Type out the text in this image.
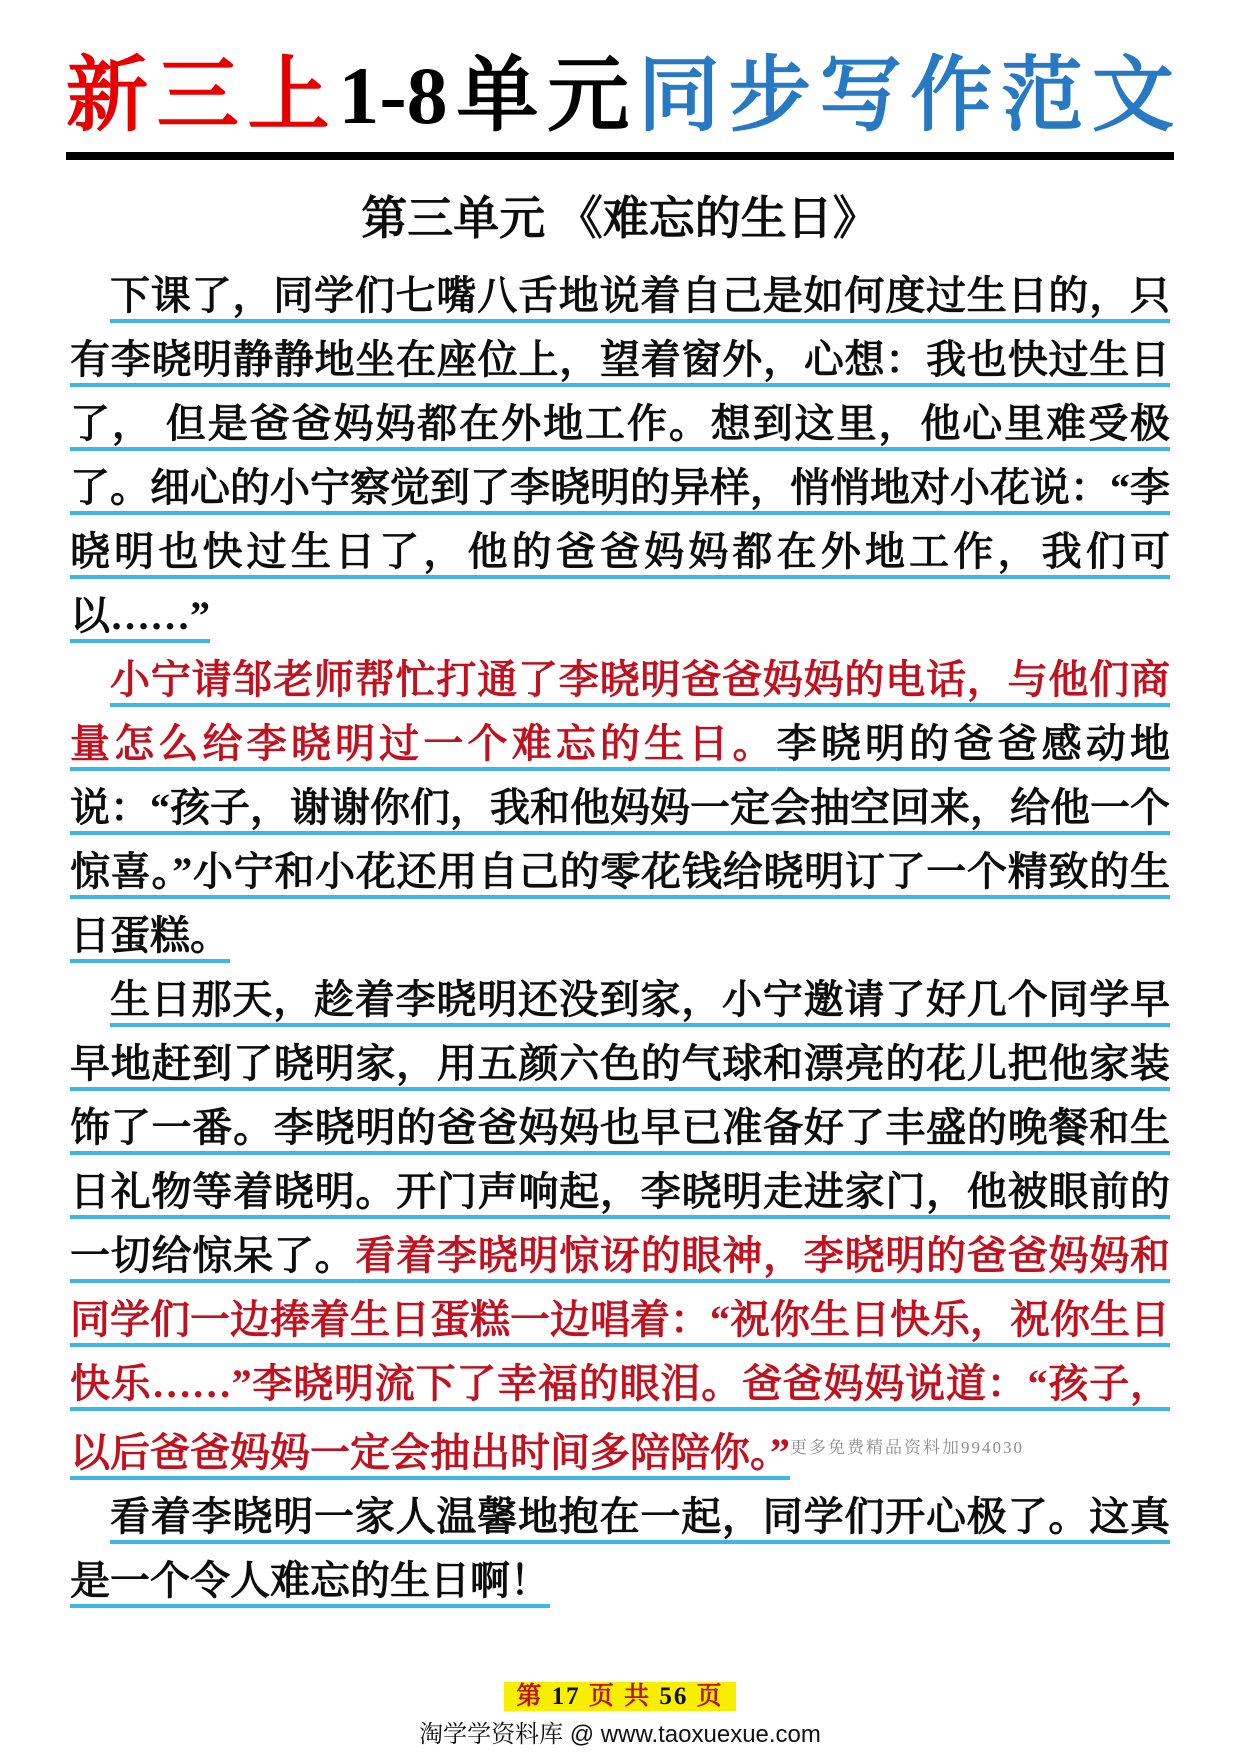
新三上1-8单元同步写作范文
第三单元 《难忘的生日》

下课了，同学们七嘴八舌地说着自己是如何度过生日的，只有李晓明静静地坐在座位上，望着窗外，心想：我也快过生日了， 但是爸爸妈妈都在外地工作。想到这里，他心里难受极了。细心的小宁察觉到了李晓明的异样，悄悄地对小花说：“李晓明也快过生日了，他的爸爸妈妈都在外地工作，我们可以……”

小宁请邹老师帮忙打通了李晓明爸爸妈妈的电话，与他们商量怎么给李晓明过一个难忘的生日。李晓明的爸爸感动地说：“孩子，谢谢你们，我和他妈妈一定会抽空回来，给他一个惊喜。”小宁和小花还用自己的零花钱给晓明订了一个精致的生日蛋糕。

生日那天，趁着李晓明还没到家，小宁邀请了好几个同学早早地赶到了晓明家，用五颜六色的气球和漂亮的花儿把他家装饰了一番。李晓明的爸爸妈妈也早已准备好了丰盛的晚餐和生日礼物等着晓明。开门声响起，李晓明走进家门，他被眼前的一切给惊呆了。看着李晓明惊讶的眼神，李晓明的爸爸妈妈和同学们一边捧着生日蛋糕一边唱着：“祝你生日快乐，祝你生日快乐……”李晓明流下了幸福的眼泪。爸爸妈妈说道：“孩子，以后爸爸妈妈一定会抽出时间多陪陪你。”$^{更多免费精品资料加994030}$

看着李晓明一家人温馨地抱在一起，同学们开心极了。这真是一个令人难忘的生日啊！

第 17 页 共 56 页
淘学学资料库 @ www.taoxuexue.com
